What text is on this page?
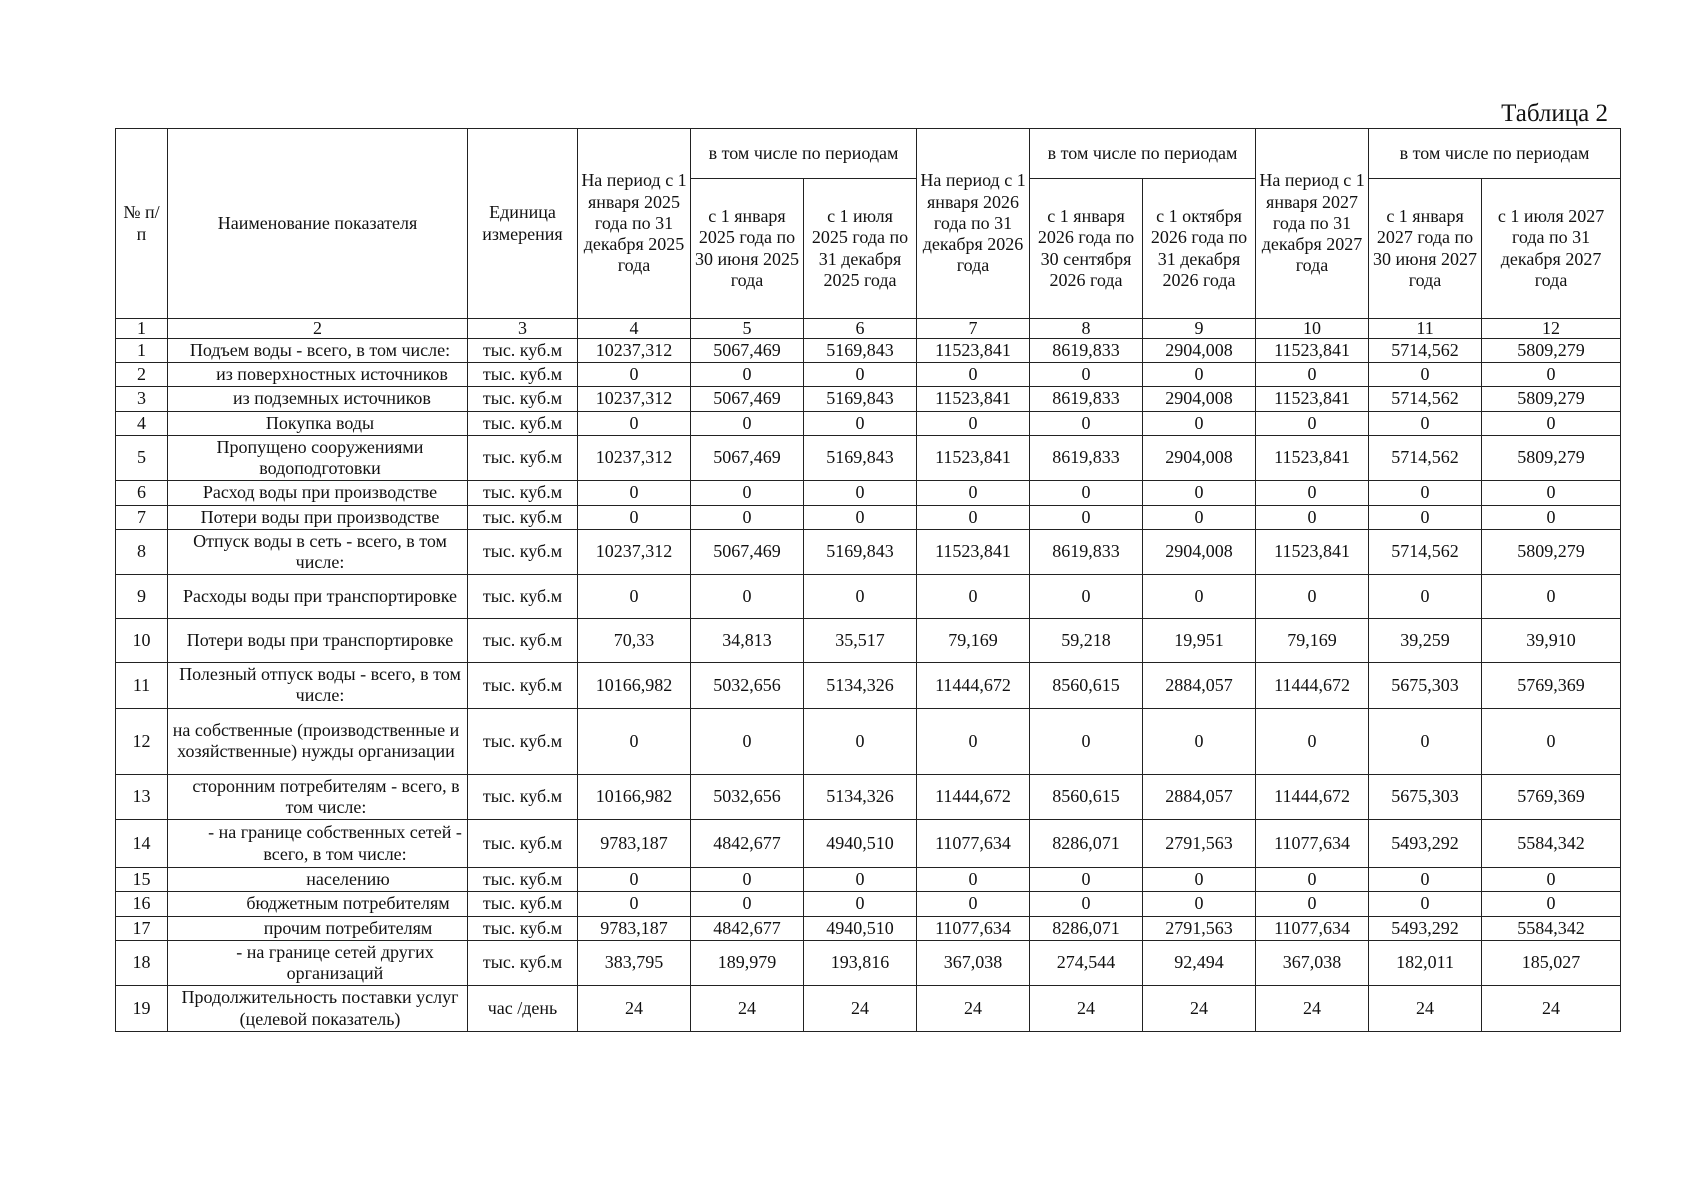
Таблица 2
№ п/п	Наименование показателя	Единица измерения	На период с 1 января 2025 года по 31 декабря 2025 года	в том числе по периодам		На период с 1 января 2026 года по 31 декабря 2026 года	в том числе по периодам		На период с 1 января 2027 года по 31 декабря 2027 года	в том числе по периодам	
				с 1 января 2025 года по 30 июня 2025 года	с 1 июля 2025 года по 31 декабря 2025 года		с 1 января 2026 года по 30 сентября 2026 года	с 1 октября 2026 года по 31 декабря 2026 года		с 1 января 2027 года по 30 июня 2027 года	с 1 июля 2027 года по 31 декабря 2027 года
1	2	3	4	5	6	7	8	9	10	11	12
1	Подъем воды - всего, в том числе:	тыс. куб.м	10237,312	5067,469	5169,843	11523,841	8619,833	2904,008	11523,841	5714,562	5809,279
2	из поверхностных источников	тыс. куб.м	0	0	0	0	0	0	0	0	0
3	из подземных источников	тыс. куб.м	10237,312	5067,469	5169,843	11523,841	8619,833	2904,008	11523,841	5714,562	5809,279
4	Покупка воды	тыс. куб.м	0	0	0	0	0	0	0	0	0
5	Пропущено сооружениями водоподготовки	тыс. куб.м	10237,312	5067,469	5169,843	11523,841	8619,833	2904,008	11523,841	5714,562	5809,279
6	Расход воды при производстве	тыс. куб.м	0	0	0	0	0	0	0	0	0
7	Потери воды при производстве	тыс. куб.м	0	0	0	0	0	0	0	0	0
8	Отпуск воды в сеть - всего, в том числе:	тыс. куб.м	10237,312	5067,469	5169,843	11523,841	8619,833	2904,008	11523,841	5714,562	5809,279
9	Расходы воды при транспортировке	тыс. куб.м	0	0	0	0	0	0	0	0	0
10	Потери воды при транспортировке	тыс. куб.м	70,33	34,813	35,517	79,169	59,218	19,951	79,169	39,259	39,910
11	Полезный отпуск воды - всего, в том числе:	тыс. куб.м	10166,982	5032,656	5134,326	11444,672	8560,615	2884,057	11444,672	5675,303	5769,369
12	на собственные (производственные и хозяйственные) нужды организации	тыс. куб.м	0	0	0	0	0	0	0	0	0
13	сторонним потребителям - всего, в том числе:	тыс. куб.м	10166,982	5032,656	5134,326	11444,672	8560,615	2884,057	11444,672	5675,303	5769,369
14	- на границе собственных сетей - всего, в том числе:	тыс. куб.м	9783,187	4842,677	4940,510	11077,634	8286,071	2791,563	11077,634	5493,292	5584,342
15	населению	тыс. куб.м	0	0	0	0	0	0	0	0	0
16	бюджетным потребителям	тыс. куб.м	0	0	0	0	0	0	0	0	0
17	прочим потребителям	тыс. куб.м	9783,187	4842,677	4940,510	11077,634	8286,071	2791,563	11077,634	5493,292	5584,342
18	- на границе сетей других организаций	тыс. куб.м	383,795	189,979	193,816	367,038	274,544	92,494	367,038	182,011	185,027
19	Продолжительность поставки услуг (целевой показатель)	час /день	24	24	24	24	24	24	24	24	24
